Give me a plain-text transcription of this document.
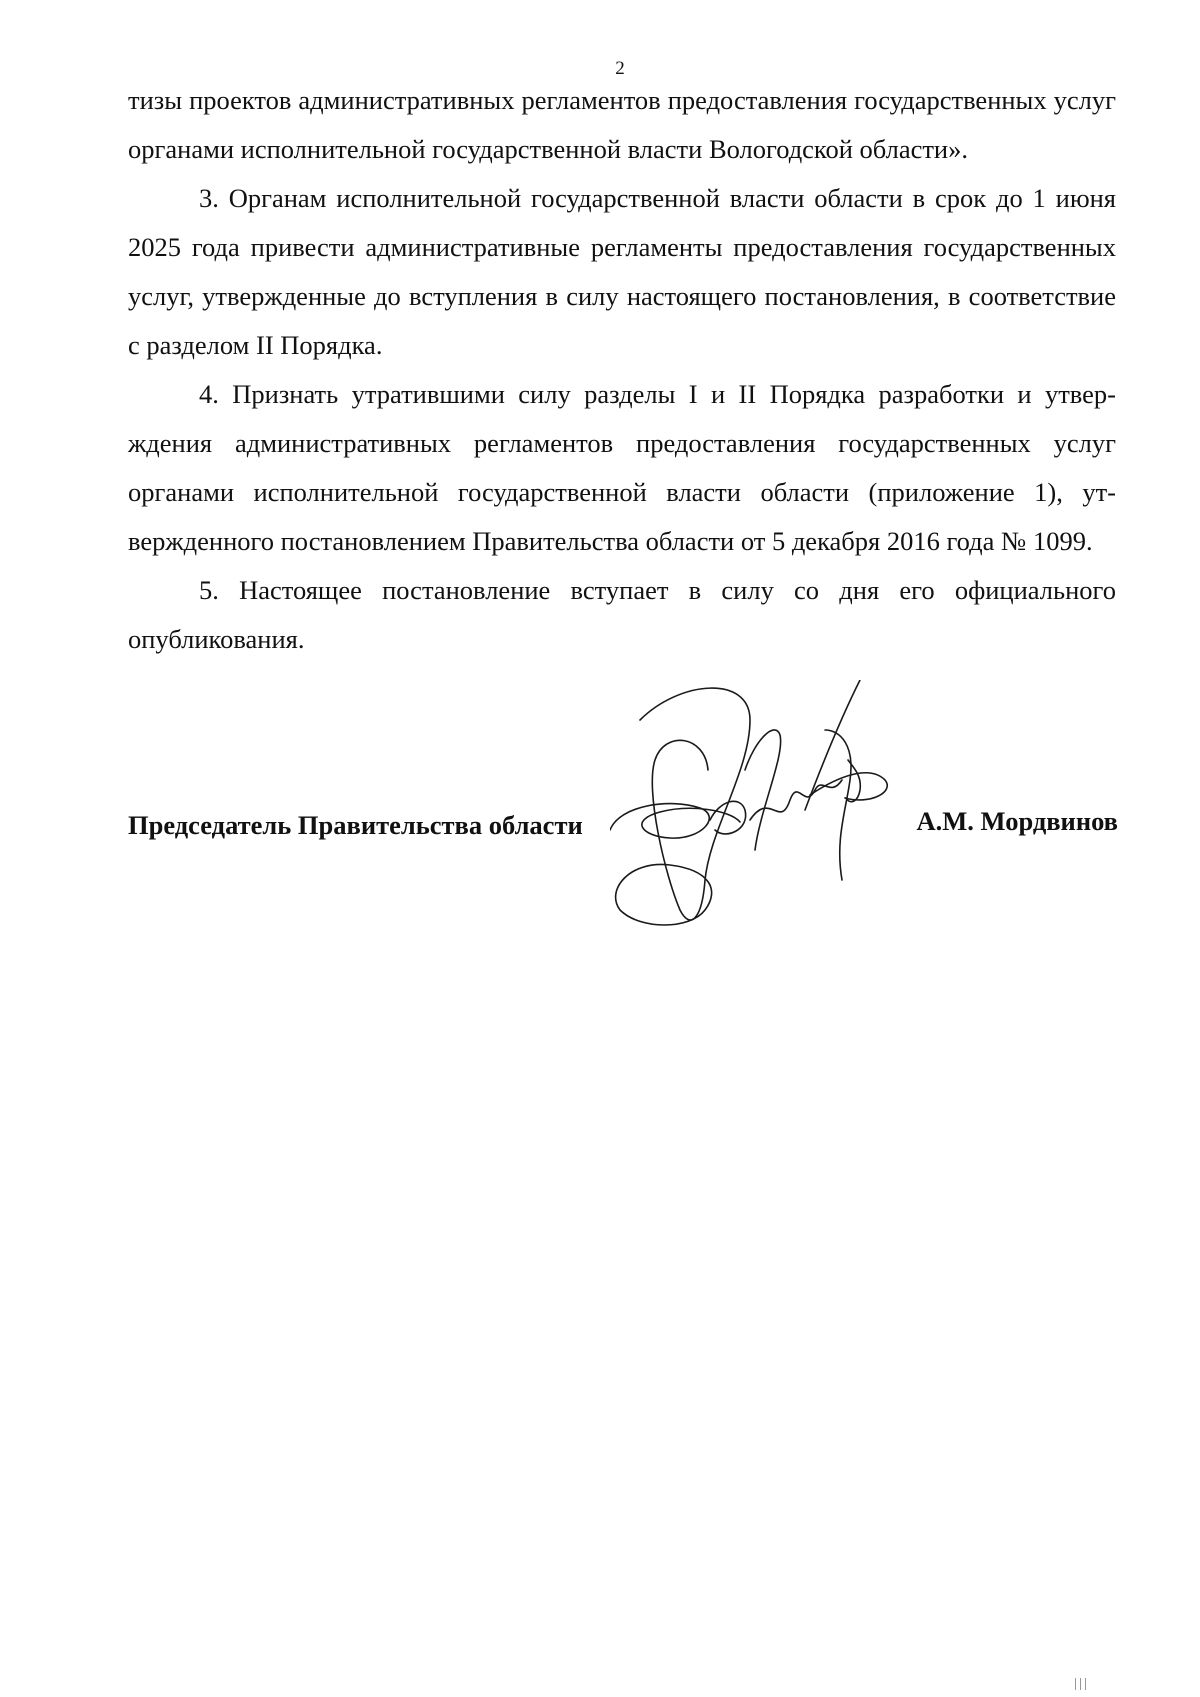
2

тизы проектов административных регламентов предоставления государственных услуг органами исполнительной государственной власти Вологодской области».

3. Органам исполнительной государственной власти области в срок до 1 июня 2025 года привести административные регламенты предоставления государственных услуг, утвержденные до вступления в силу настоящего постановления, в соответствие с разделом II Порядка.

4. Признать утратившими силу разделы I и II Порядка разработки и утверждения административных регламентов предоставления государственных услуг органами исполнительной государственной власти области (приложение 1), утвержденного постановлением Правительства области от 5 декабря 2016 года № 1099.

5. Настоящее постановление вступает в силу со дня его официального опубликования.

Председатель Правительства области	А.М. Мордвинов
